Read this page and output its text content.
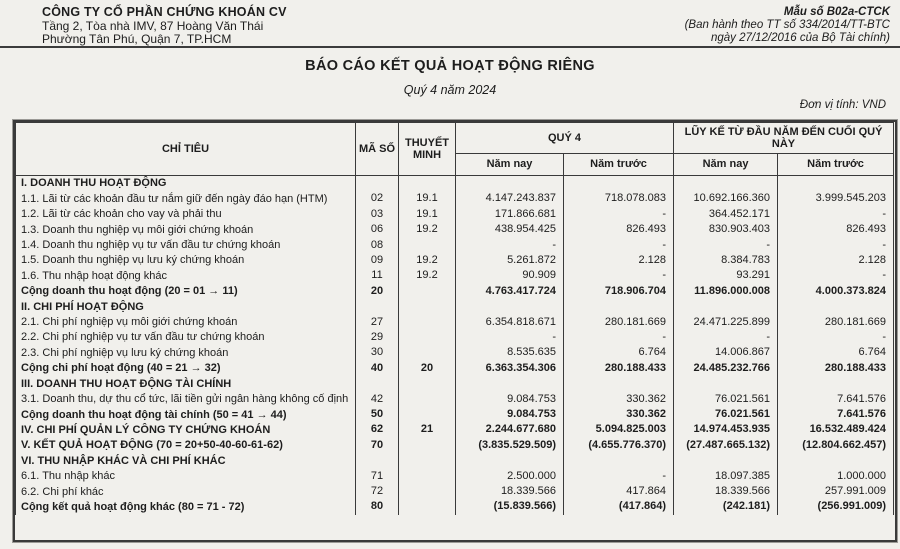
CÔNG TY CỔ PHẦN CHỨNG KHOÁN CV
Tầng 2, Tòa nhà IMV, 87 Hoàng Văn Thái
Phường Tân Phú, Quận 7, TP.HCM
Mẫu số B02a-CTCK
(Ban hành theo TT số 334/2014/TT-BTC
ngày 27/12/2016 của Bộ Tài chính)
BÁO CÁO KẾT QUẢ HOẠT ĐỘNG RIÊNG
Quý 4 năm 2024
Đơn vị tính: VND
CHỈ TIÊU	MÃ SỐ	THUYẾT MINH	QUÝ 4		LŨY KẾ TỪ ĐẦU NĂM ĐẾN CUỐI QUÝ NÀY	
			Năm nay	Năm trước	Năm nay	Năm trước
I. DOANH THU HOẠT ĐỘNG						
1.1. Lãi từ các khoản đầu tư nắm giữ đến ngày đáo hạn (HTM)	02	19.1	4.147.243.837	718.078.083	10.692.166.360	3.999.545.203
1.2. Lãi từ các khoản cho vay và phải thu	03	19.1	171.866.681	-	364.452.171	-
1.3. Doanh thu nghiệp vụ môi giới chứng khoán	06	19.2	438.954.425	826.493	830.903.403	826.493
1.4. Doanh thu nghiệp vụ tư vấn đầu tư chứng khoán	08		-	-	-	-
1.5. Doanh thu nghiệp vụ lưu ký chứng khoán	09	19.2	5.261.872	2.128	8.384.783	2.128
1.6. Thu nhập hoạt động khác	11	19.2	90.909	-	93.291	-
Cộng doanh thu hoạt động (20 = 01 → 11)	20		4.763.417.724	718.906.704	11.896.000.008	4.000.373.824
II. CHI PHÍ HOẠT ĐỘNG						
2.1. Chi phí nghiệp vụ môi giới chứng khoán	27		6.354.818.671	280.181.669	24.471.225.899	280.181.669
2.2. Chi phí nghiệp vụ tư vấn đầu tư chứng khoán	29		-	-	-	-
2.3. Chi phí nghiệp vụ lưu ký chứng khoán	30		8.535.635	6.764	14.006.867	6.764
Cộng chi phí hoạt động (40 = 21 → 32)	40	20	6.363.354.306	280.188.433	24.485.232.766	280.188.433
III. DOANH THU HOẠT ĐỘNG TÀI CHÍNH						
3.1. Doanh thu, dự thu cổ tức, lãi tiền gửi ngân hàng không cố định	42		9.084.753	330.362	76.021.561	7.641.576
Cộng doanh thu hoạt động tài chính (50 = 41 → 44)	50		9.084.753	330.362	76.021.561	7.641.576
IV. CHI PHÍ QUẢN LÝ CÔNG TY CHỨNG KHOÁN	62	21	2.244.677.680	5.094.825.003	14.974.453.935	16.532.489.424
V. KẾT QUẢ HOẠT ĐỘNG (70 = 20+50-40-60-61-62)	70		(3.835.529.509)	(4.655.776.370)	(27.487.665.132)	(12.804.662.457)
VI. THU NHẬP KHÁC VÀ CHI PHÍ KHÁC						
6.1. Thu nhập khác	71		2.500.000	-	18.097.385	1.000.000
6.2. Chi phí khác	72		18.339.566	417.864	18.339.566	257.991.009
Cộng kết quả hoạt động khác (80 = 71 - 72)	80		(15.839.566)	(417.864)	(242.181)	(256.991.009)
